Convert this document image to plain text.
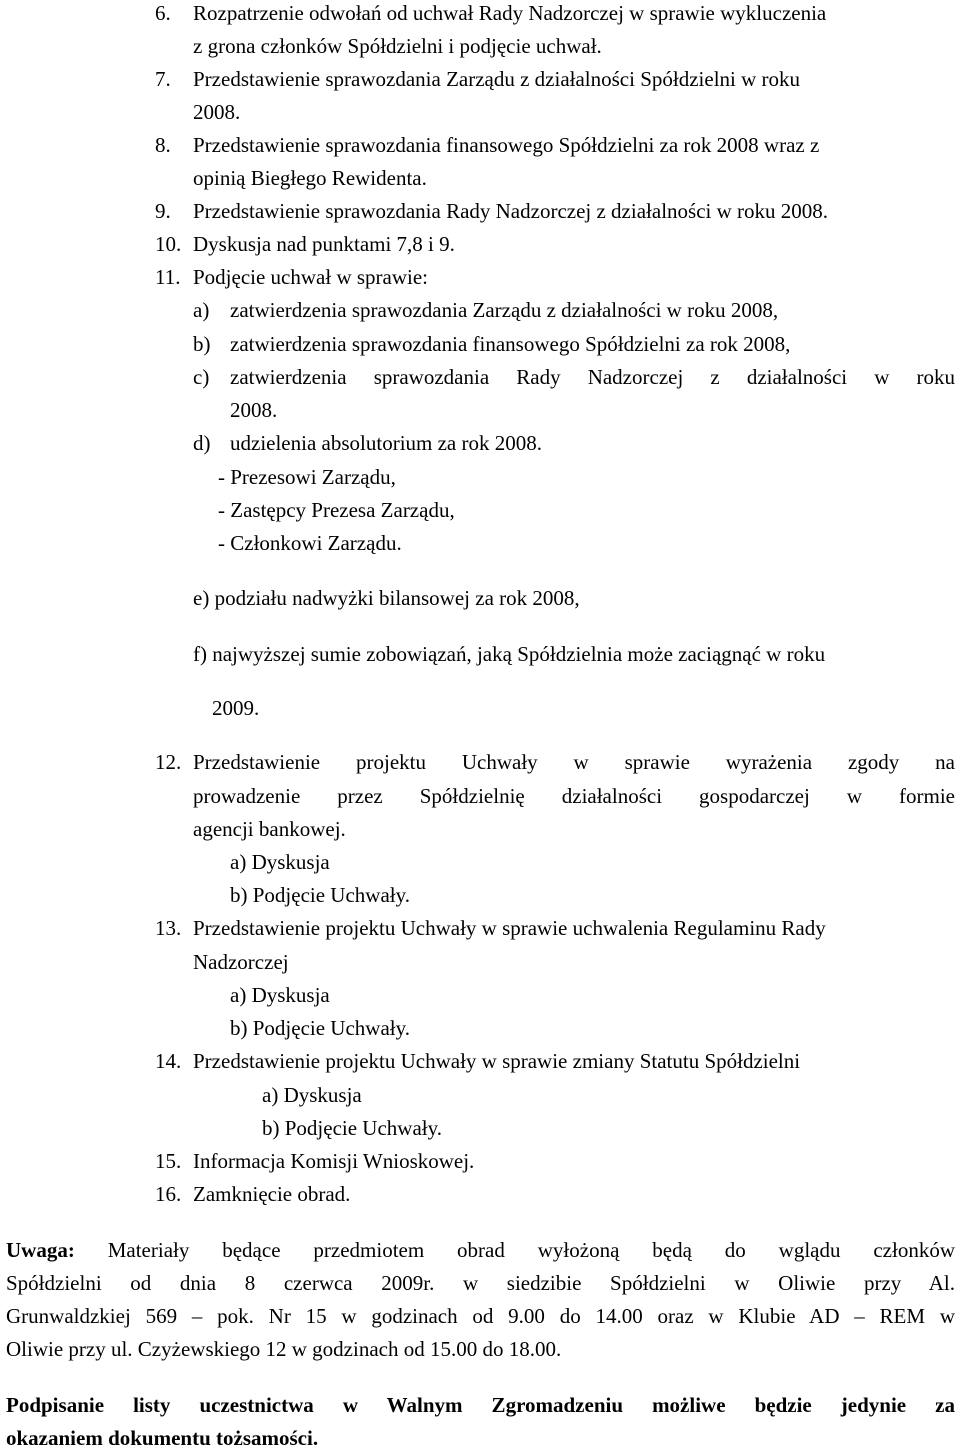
6. Rozpatrzenie odwołań od uchwał Rady Nadzorczej w sprawie wykluczenia
z grona członków Spółdzielni i podjęcie uchwał.
7. Przedstawienie sprawozdania Zarządu z działalności Spółdzielni w roku
2008.
8. Przedstawienie sprawozdania finansowego Spółdzielni za rok 2008 wraz z
opinią Biegłego Rewidenta.
9. Przedstawienie sprawozdania Rady Nadzorczej z działalności w roku 2008.
10. Dyskusja nad punktami 7,8 i 9.
11. Podjęcie uchwał w sprawie:
a) zatwierdzenia sprawozdania Zarządu z działalności w roku 2008,
b) zatwierdzenia sprawozdania finansowego Spółdzielni za rok 2008,
c) zatwierdzenia sprawozdania Rady Nadzorczej z działalności w roku
2008.
d) udzielenia absolutorium za rok 2008.
- Prezesowi Zarządu,
- Zastępcy Prezesa Zarządu,
- Członkowi Zarządu.
e) podziału nadwyżki bilansowej za rok 2008,
f) najwyższej sumie zobowiązań, jaką Spółdzielnia może zaciągnąć w roku
2009.
12. Przedstawienie projektu Uchwały w sprawie wyrażenia zgody na
prowadzenie przez Spółdzielnię działalności gospodarczej w formie
agencji bankowej.
a) Dyskusja
b) Podjęcie Uchwały.
13. Przedstawienie projektu Uchwały w sprawie uchwalenia Regulaminu Rady
Nadzorczej
a) Dyskusja
b) Podjęcie Uchwały.
14. Przedstawienie projektu Uchwały w sprawie zmiany Statutu Spółdzielni
a) Dyskusja
b) Podjęcie Uchwały.
15. Informacja Komisji Wnioskowej.
16. Zamknięcie obrad.
Uwaga: Materiały będące przedmiotem obrad wyłożoną będą do wglądu członków
Spółdzielni od dnia 8 czerwca 2009r. w siedzibie Spółdzielni w Oliwie przy Al.
Grunwaldzkiej 569 – pok. Nr 15 w godzinach od 9.00 do 14.00 oraz w Klubie AD – REM w
Oliwie przy ul. Czyżewskiego 12 w godzinach od 15.00 do 18.00.
Podpisanie listy uczestnictwa w Walnym Zgromadzeniu możliwe będzie jedynie za
okazaniem dokumentu tożsamości.
